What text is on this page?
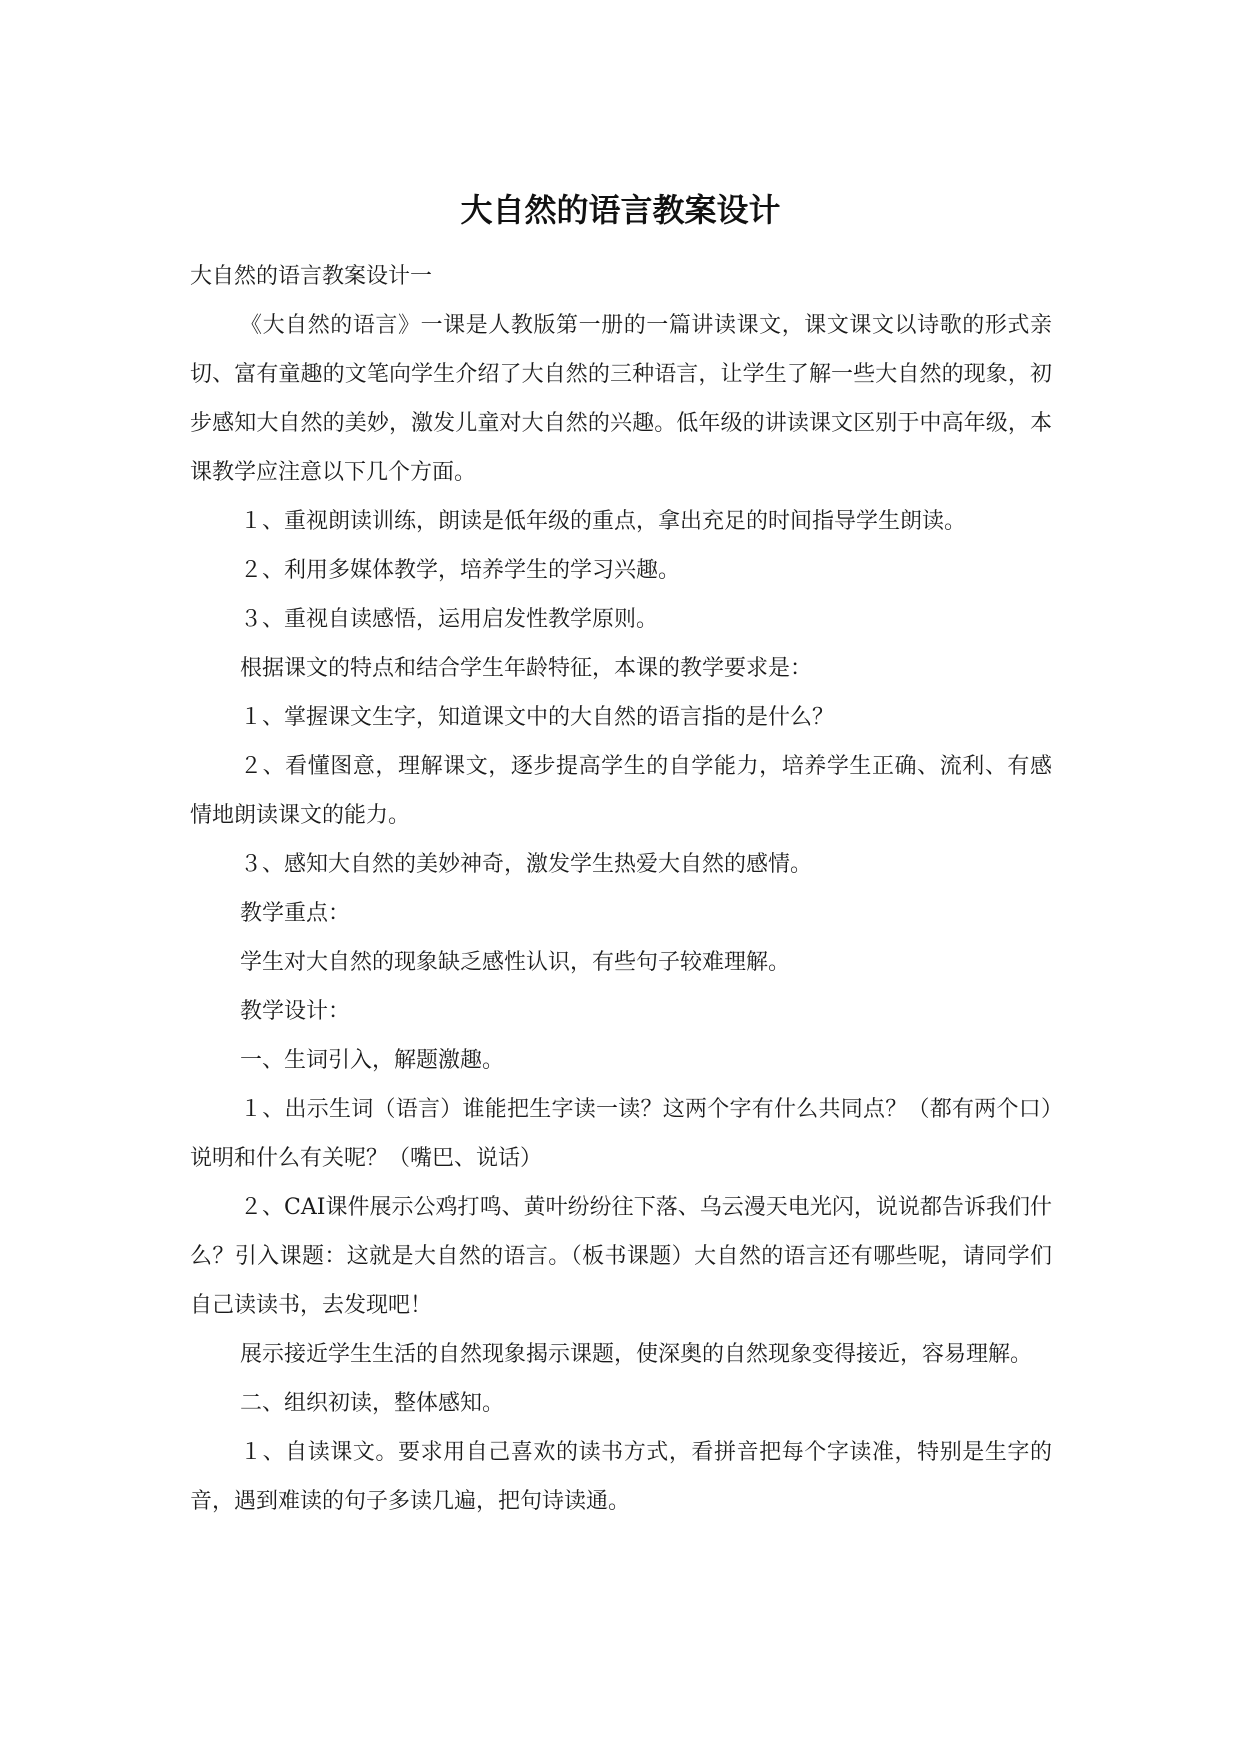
大自然的语言教案设计

大自然的语言教案设计一

《大自然的语言》一课是人教版第一册的一篇讲读课文，课文课文以诗歌的形式亲切、富有童趣的文笔向学生介绍了大自然的三种语言，让学生了解一些大自然的现象，初步感知大自然的美妙，激发儿童对大自然的兴趣。低年级的讲读课文区别于中高年级，本课教学应注意以下几个方面。

１、重视朗读训练，朗读是低年级的重点，拿出充足的时间指导学生朗读。

２、利用多媒体教学，培养学生的学习兴趣。

３、重视自读感悟，运用启发性教学原则。

根据课文的特点和结合学生年龄特征，本课的教学要求是：

１、掌握课文生字，知道课文中的大自然的语言指的是什么？

２、看懂图意，理解课文，逐步提高学生的自学能力，培养学生正确、流利、有感情地朗读课文的能力。

３、感知大自然的美妙神奇，激发学生热爱大自然的感情。

教学重点：

学生对大自然的现象缺乏感性认识，有些句子较难理解。

教学设计：

一、生词引入，解题激趣。

１、出示生词（语言）谁能把生字读一读？这两个字有什么共同点？（都有两个口）说明和什么有关呢？（嘴巴、说话）

２、CAI课件展示公鸡打鸣、黄叶纷纷往下落、乌云漫天电光闪，说说都告诉我们什么？引入课题：这就是大自然的语言。（板书课题）大自然的语言还有哪些呢，请同学们自己读读书，去发现吧！

展示接近学生生活的自然现象揭示课题，使深奥的自然现象变得接近，容易理解。

二、组织初读，整体感知。

１、自读课文。要求用自己喜欢的读书方式，看拼音把每个字读准，特别是生字的音，遇到难读的句子多读几遍，把句诗读通。
